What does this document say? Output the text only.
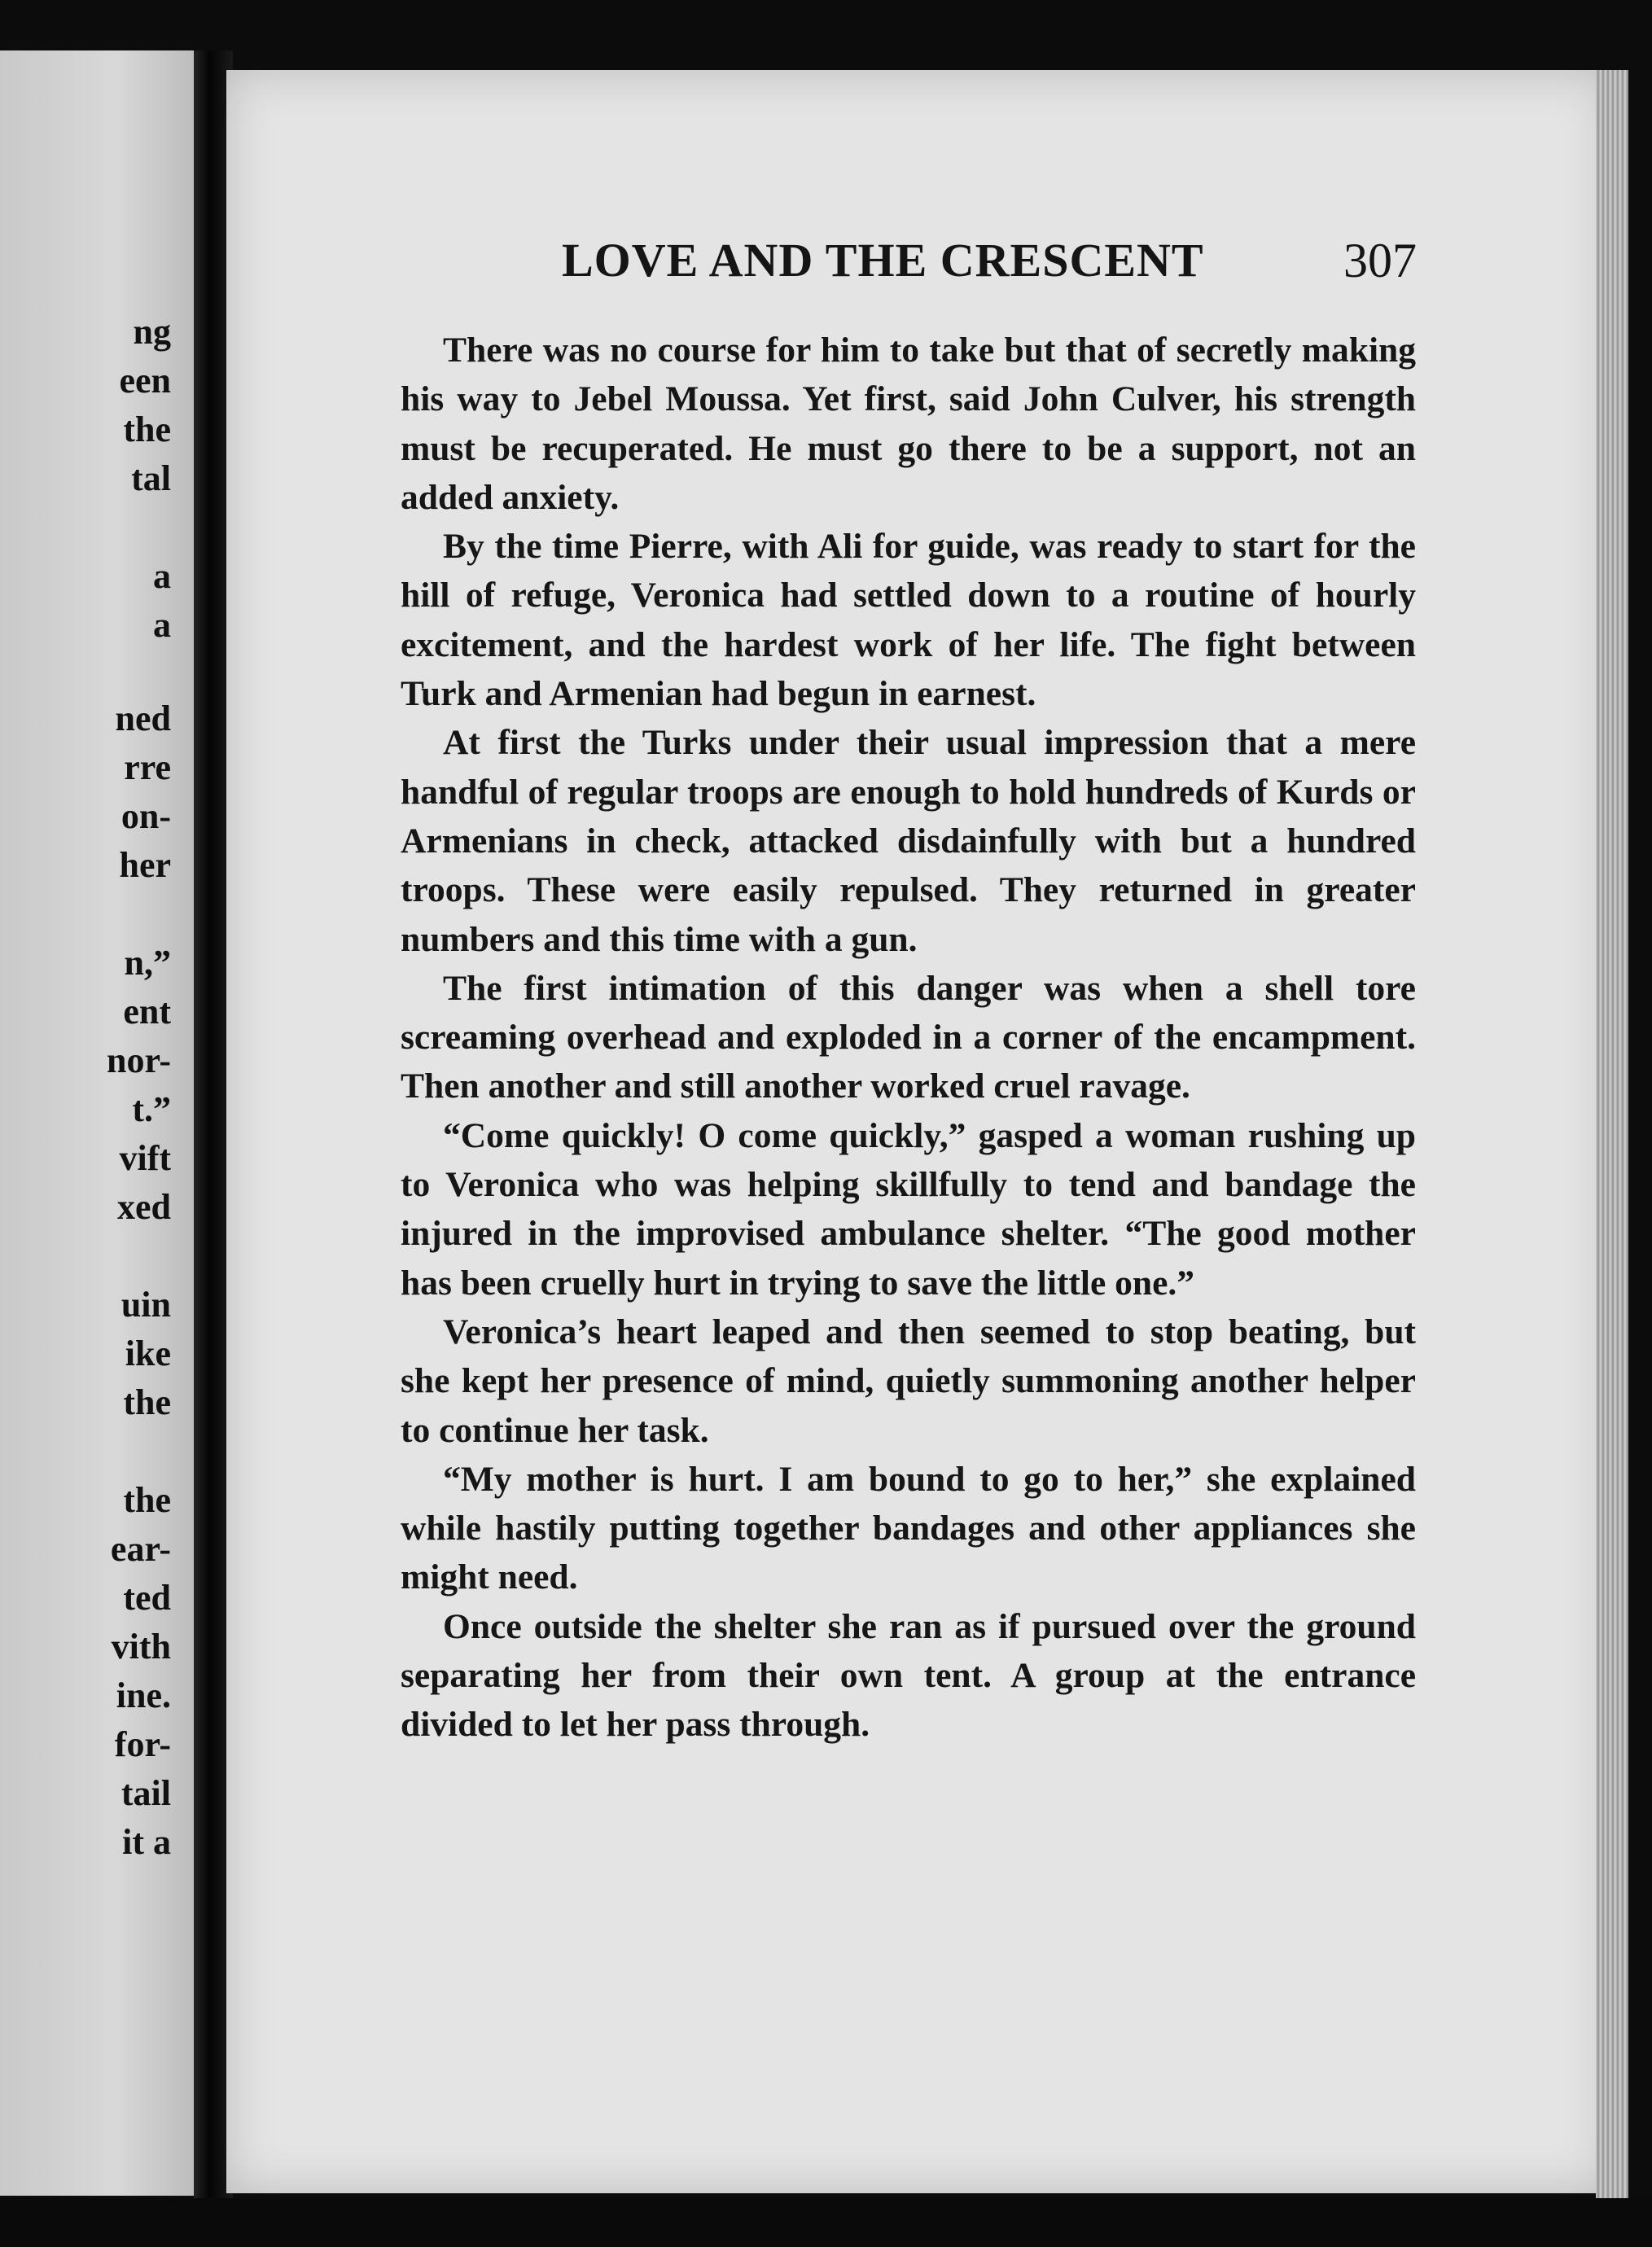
ng
een
the
tal
a
a
ned
rre
on-
her
n,”
ent
nor-
t.”
vift
xed
uin
ike
the
the
ear-
ted
vith
ine.
for-
tail
it a
LOVE AND THE CRESCENT	307

There was no course for him to take but that of secretly making his way to Jebel Moussa. Yet first, said John Culver, his strength must be recuperated. He must go there to be a support, not an added anxiety.

By the time Pierre, with Ali for guide, was ready to start for the hill of refuge, Veronica had settled down to a routine of hourly excitement, and the hardest work of her life. The fight between Turk and Armenian had begun in earnest.

At first the Turks under their usual impression that a mere handful of regular troops are enough to hold hundreds of Kurds or Armenians in check, attacked disdainfully with but a hundred troops. These were easily repulsed. They returned in greater numbers and this time with a gun.

The first intimation of this danger was when a shell tore screaming overhead and exploded in a corner of the encampment. Then another and still another worked cruel ravage.

“Come quickly! O come quickly,” gasped a woman rushing up to Veronica who was helping skillfully to tend and bandage the injured in the improvised ambulance shelter. “The good mother has been cruelly hurt in trying to save the little one.”

Veronica’s heart leaped and then seemed to stop beating, but she kept her presence of mind, quietly summoning another helper to continue her task.

“My mother is hurt. I am bound to go to her,” she explained while hastily putting together bandages and other appliances she might need.

Once outside the shelter she ran as if pursued over the ground separating her from their own tent. A group at the entrance divided to let her pass through.
